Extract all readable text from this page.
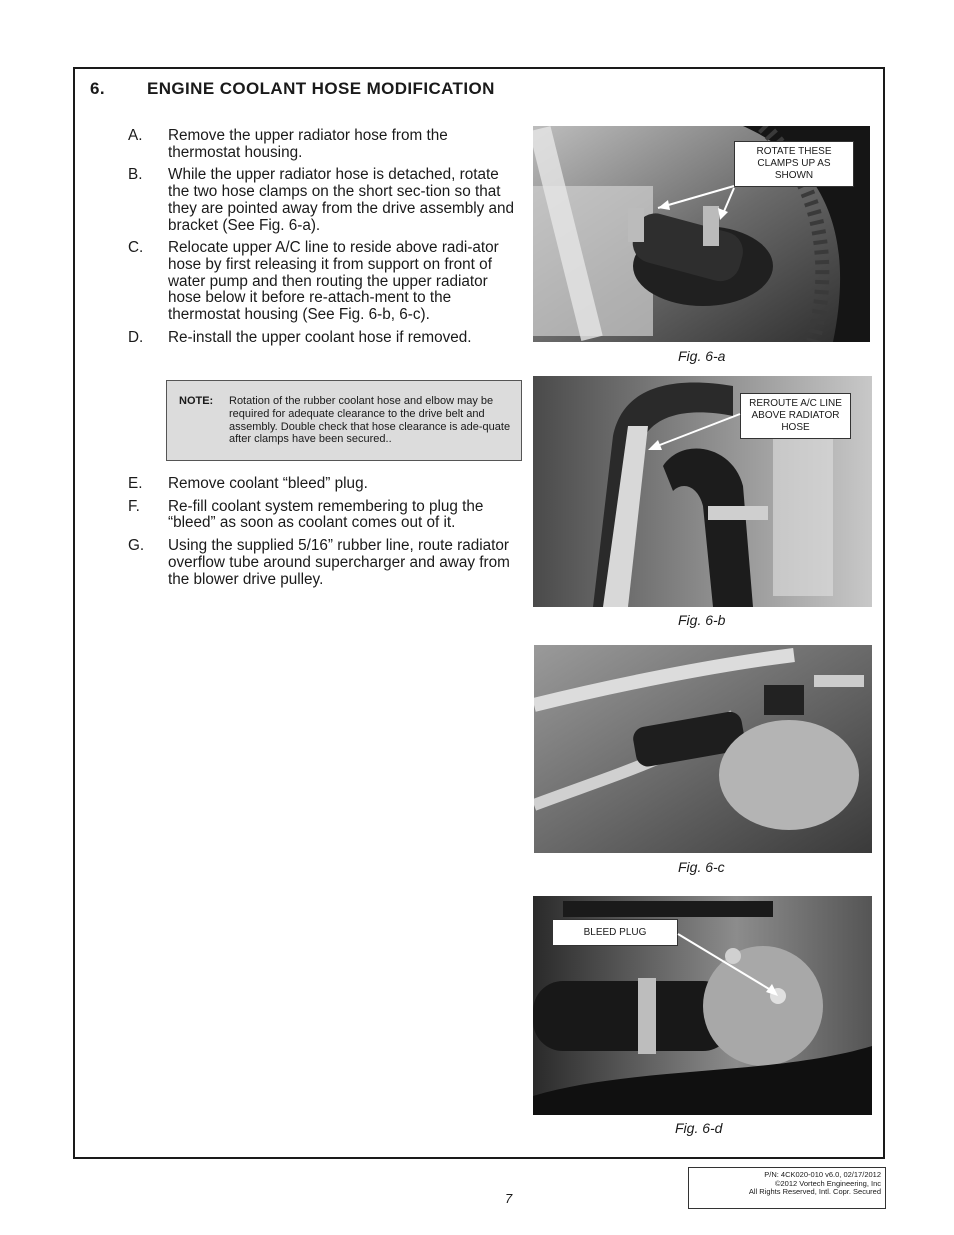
6.	ENGINE COOLANT HOSE MODIFICATION
A.	Remove the upper radiator hose from the thermostat housing.
B.	While the upper radiator hose is detached, rotate the two hose clamps on the short sec-tion so that they are pointed away from the drive assembly and bracket (See Fig. 6-a).
C.	Relocate upper A/C line to reside above radi-ator hose by first releasing it from support on front of water pump and then routing the upper radiator hose below it before re-attach-ment to the thermostat housing (See Fig. 6-b, 6-c).
D.	Re-install the upper coolant hose if removed.
NOTE:	Rotation of the rubber coolant hose and elbow may be required for adequate clearance to the drive belt and assembly. Double check that hose clearance is ade-quate after clamps have been secured..
E.	Remove coolant “bleed” plug.
F.	Re-fill coolant system remembering to plug the “bleed” as soon as coolant comes out of it.
G.	Using the supplied 5/16” rubber line, route radiator overflow tube around supercharger and away from the blower drive pulley.
ROTATE THESE CLAMPS UP AS SHOWN
Fig. 6-a
REROUTE A/C LINE ABOVE RADIATOR HOSE
Fig. 6-b
Fig. 6-c
BLEED PLUG
Fig. 6-d
7
P/N: 4CK020-010 v6.0, 02/17/2012
©2012 Vortech Engineering, Inc
All Rights Reserved, Intl. Copr. Secured
